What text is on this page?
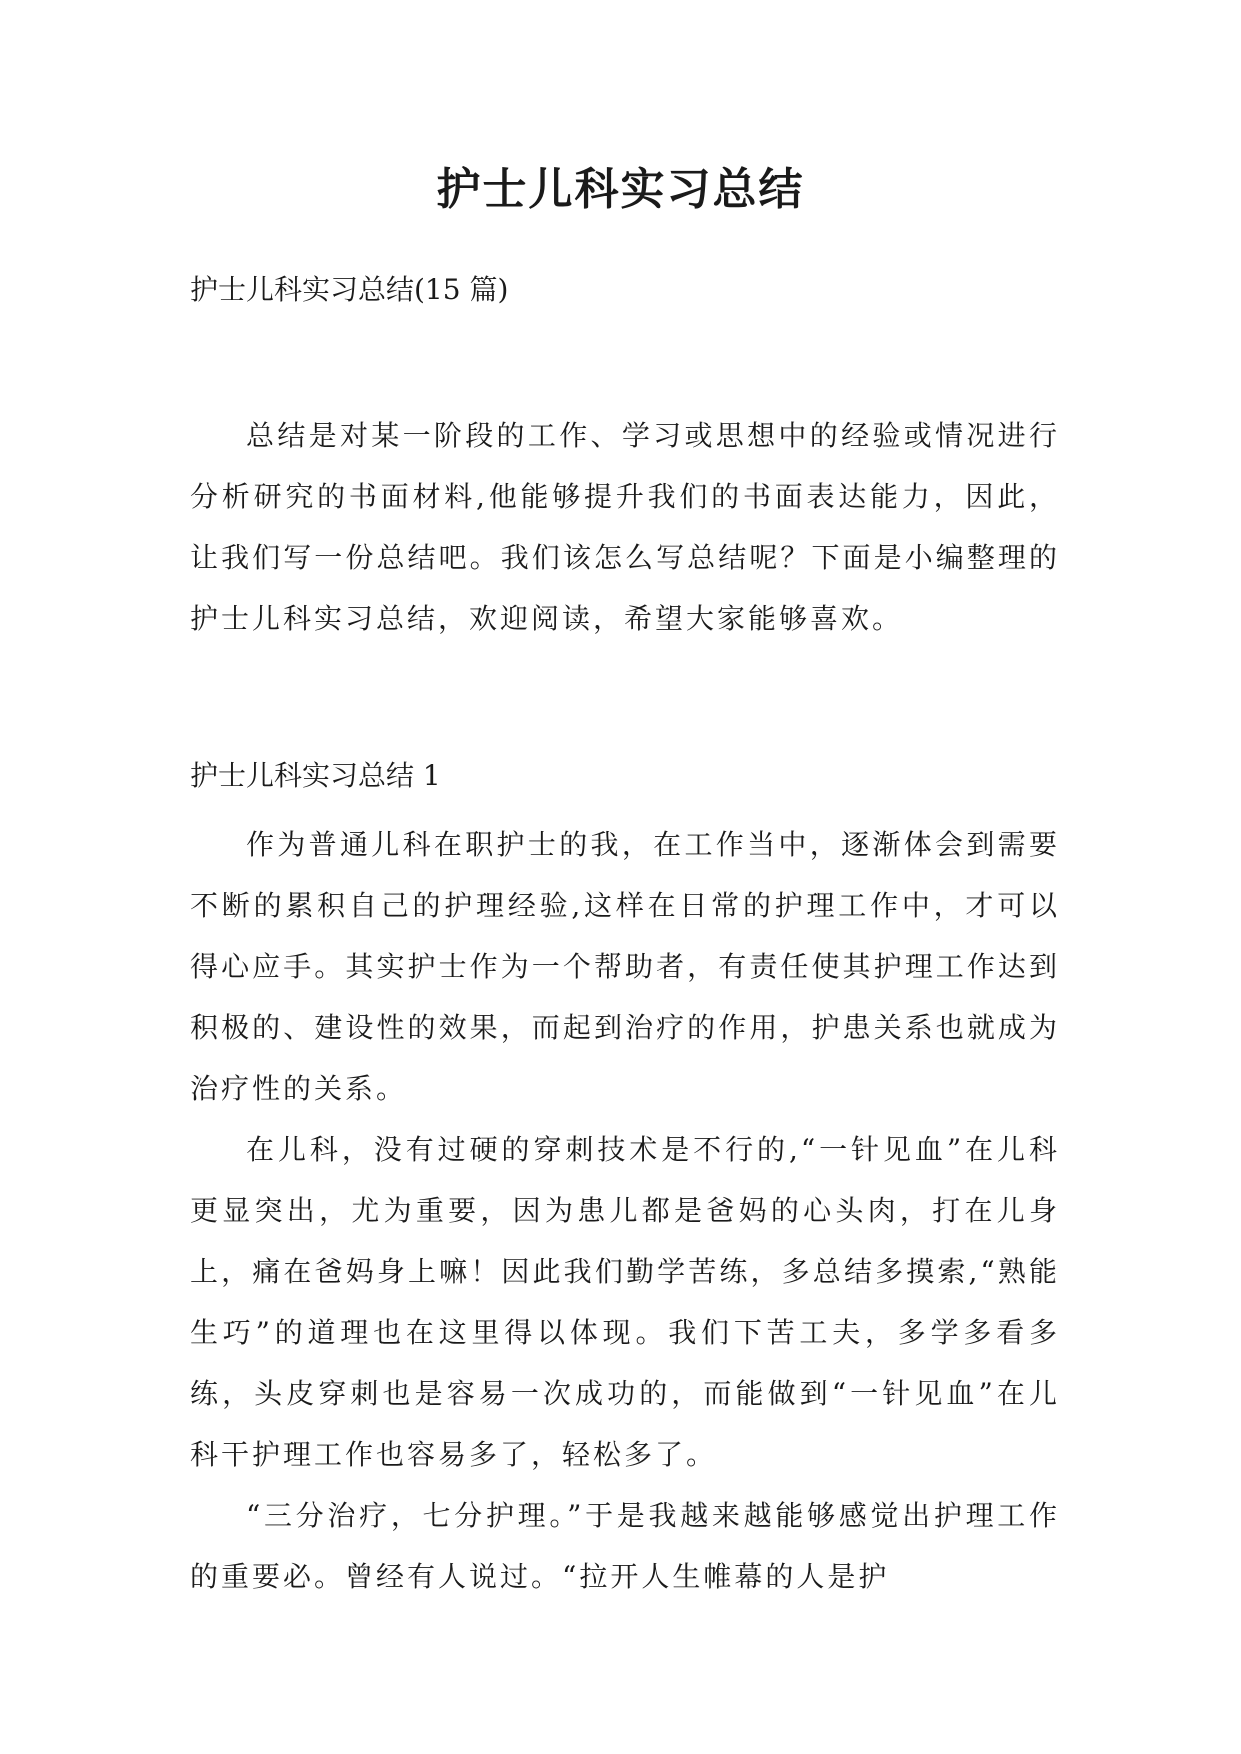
护士儿科实习总结

护士儿科实习总结(15 篇)

总结是对某一阶段的工作、学习或思想中的经验或情况进行分析研究的书面材料,他能够提升我们的书面表达能力，因此，让我们写一份总结吧。我们该怎么写总结呢？下面是小编整理的护士儿科实习总结，欢迎阅读，希望大家能够喜欢。

护士儿科实习总结 1

作为普通儿科在职护士的我，在工作当中，逐渐体会到需要不断的累积自己的护理经验,这样在日常的护理工作中，才可以得心应手。其实护士作为一个帮助者，有责任使其护理工作达到积极的、建设性的效果，而起到治疗的作用，护患关系也就成为治疗性的关系。

在儿科，没有过硬的穿刺技术是不行的,“一针见血”在儿科更显突出，尤为重要，因为患儿都是爸妈的心头肉，打在儿身上，痛在爸妈身上嘛！因此我们勤学苦练，多总结多摸索,“熟能生巧”的道理也在这里得以体现。我们下苦工夫，多学多看多练，头皮穿刺也是容易一次成功的，而能做到“一针见血”在儿科干护理工作也容易多了，轻松多了。

“三分治疗，七分护理。”于是我越来越能够感觉出护理工作的重要必。曾经有人说过。“拉开人生帷幕的人是护
